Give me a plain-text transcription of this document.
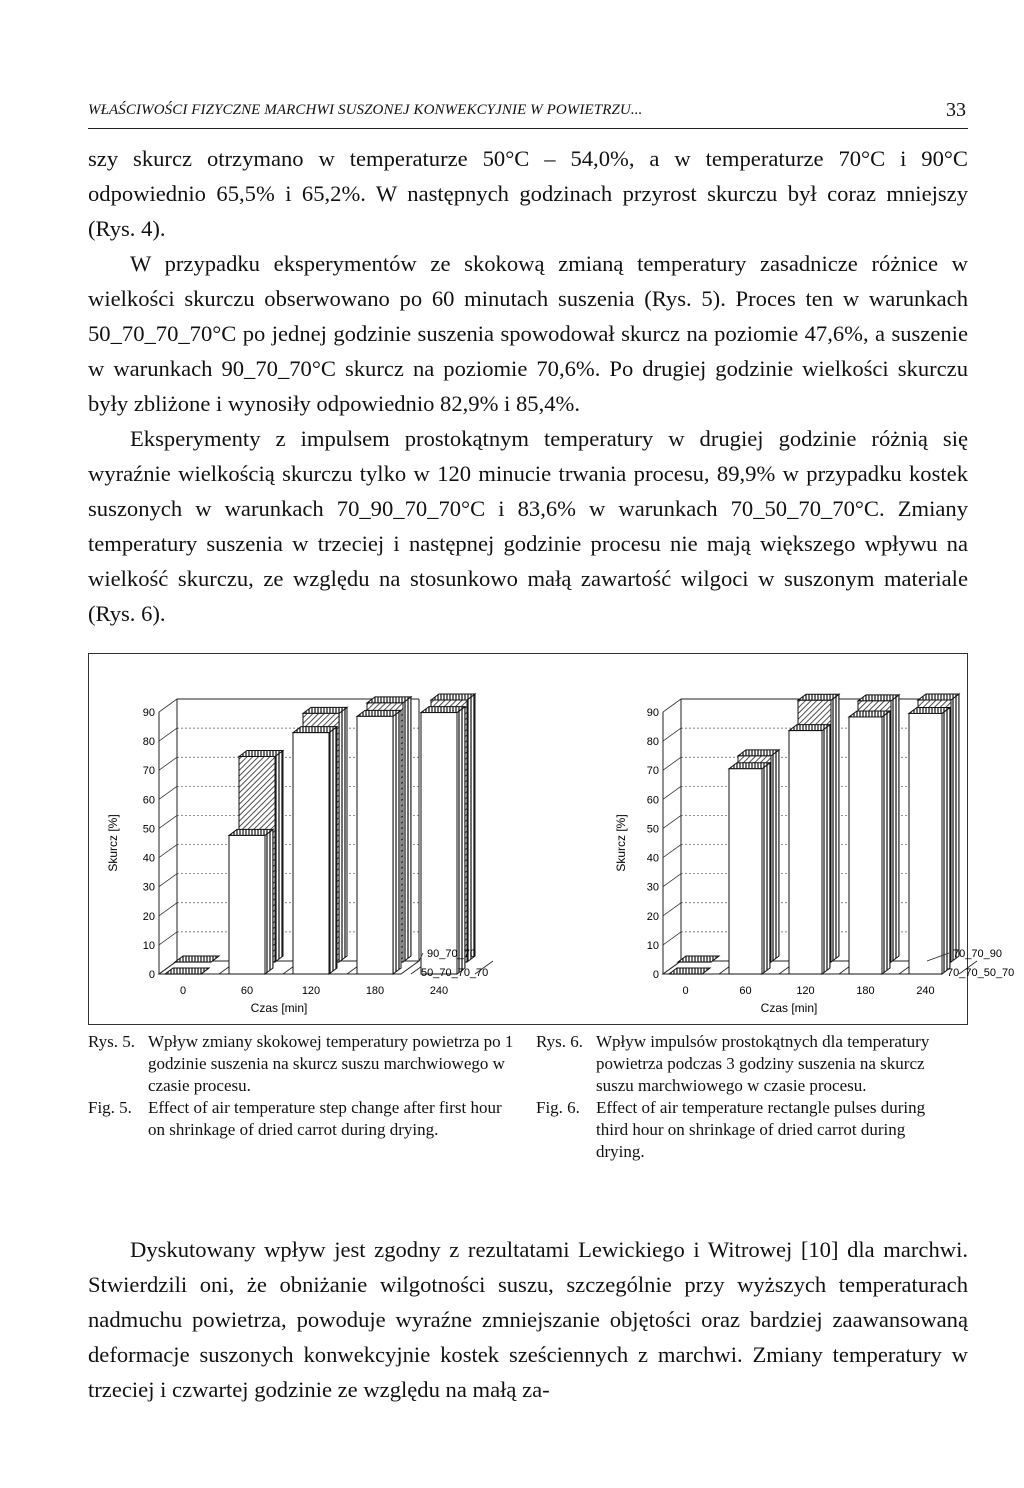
WŁAŚCIWOŚCI FIZYCZNE MARCHWI SUSZONEJ KONWEKCYJNIE W POWIETRZU...	33

szy skurcz otrzymano w temperaturze 50°C – 54,0%, a w temperaturze 70°C i 90°C odpowiednio 65,5% i 65,2%. W następnych godzinach przyrost skurczu był coraz mniejszy (Rys. 4).

W przypadku eksperymentów ze skokową zmianą temperatury zasadnicze różnice w wielkości skurczu obserwowano po 60 minutach suszenia (Rys. 5). Proces ten w warunkach 50_70_70_70°C po jednej godzinie suszenia spowodował skurcz na poziomie 47,6%, a suszenie w warunkach 90_70_70°C skurcz na poziomie 70,6%. Po drugiej godzinie wielkości skurczu były zbliżone i wynosiły odpowiednio 82,9% i 85,4%.

Eksperymenty z impulsem prostokątnym temperatury w drugiej godzinie różnią się wyraźnie wielkością skurczu tylko w 120 minucie trwania procesu, 89,9% w przypadku kostek suszonych w warunkach 70_90_70_70°C i 83,6% w warunkach 70_50_70_70°C. Zmiany temperatury suszenia w trzeciej i następnej godzinie procesu nie mają większego wpływu na wielkość skurczu, ze względu na stosunkowo małą zawartość wilgoci w suszonym materiale (Rys. 6).

0
10
20
30
40
50
60
70
80
90
90_70_70
50_70_70_70
0	60	120	180	240
Czas [min]
Skurcz [%]
0
10
20
30
40
50
60
70
80
90
70_70_90
70_70_50_70
0	60	120	180	240
Czas [min]
Skurcz [%]
Rys. 5. Wpływ zmiany skokowej temperatury powietrza po 1 godzinie suszenia na skurcz suszu marchwiowego w czasie procesu.
Fig. 5. Effect of air temperature step change after first hour on shrinkage of dried carrot during drying.
Rys. 6. Wpływ impulsów prostokątnych dla temperatury powietrza podczas 3 godziny suszenia na skurcz suszu marchwiowego w czasie procesu.
Fig. 6. Effect of air temperature rectangle pulses during third hour on shrinkage of dried carrot during drying.

Dyskutowany wpływ jest zgodny z rezultatami Lewickiego i Witrowej [10] dla marchwi. Stwierdzili oni, że obniżanie wilgotności suszu, szczególnie przy wyższych temperaturach nadmuchu powietrza, powoduje wyraźne zmniejszanie objętości oraz bardziej zaawansowaną deformacje suszonych konwekcyjnie kostek sześciennych z marchwi. Zmiany temperatury w trzeciej i czwartej godzinie ze względu na małą za-
